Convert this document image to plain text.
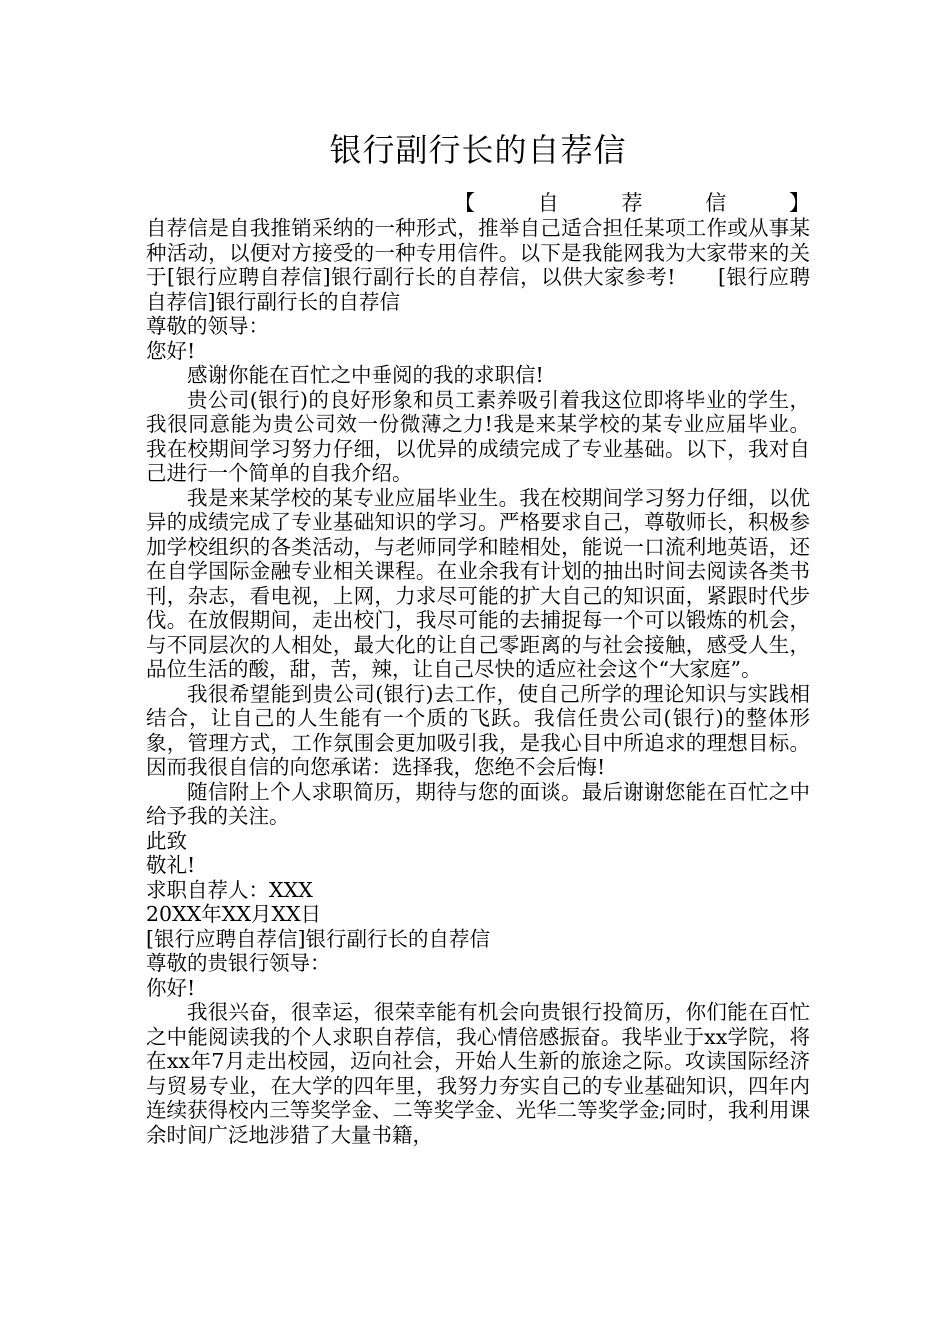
银行副行长的自荐信
【	自	荐	信	】

自荐信是自我推销采纳的一种形式，推举自己适合担任某项工作或从事某种活动，以便对方接受的一种专用信件。以下是我能网我为大家带来的关于[银行应聘自荐信]银行副行长的自荐信，以供大家参考!　　[银行应聘自荐信]银行副行长的自荐信

尊敬的领导：

您好!

感谢你能在百忙之中垂阅的我的求职信!

贵公司(银行)的良好形象和员工素养吸引着我这位即将毕业的学生，我很同意能为贵公司效一份微薄之力!我是来某学校的某专业应届毕业。我在校期间学习努力仔细，以优异的成绩完成了专业基础。以下，我对自己进行一个简单的自我介绍。

我是来某学校的某专业应届毕业生。我在校期间学习努力仔细，以优异的成绩完成了专业基础知识的学习。严格要求自己，尊敬师长，积极参加学校组织的各类活动，与老师同学和睦相处，能说一口流利地英语，还在自学国际金融专业相关课程。在业余我有计划的抽出时间去阅读各类书刊，杂志，看电视，上网，力求尽可能的扩大自己的知识面，紧跟时代步伐。在放假期间，走出校门，我尽可能的去捕捉每一个可以锻炼的机会，与不同层次的人相处，最大化的让自己零距离的与社会接触，感受人生，品位生活的酸，甜，苦，辣，让自己尽快的适应社会这个“大家庭”。

我很希望能到贵公司(银行)去工作，使自己所学的理论知识与实践相结合，让自己的人生能有一个质的飞跃。我信任贵公司(银行)的整体形象，管理方式，工作氛围会更加吸引我，是我心目中所追求的理想目标。因而我很自信的向您承诺：选择我，您绝不会后悔!

随信附上个人求职简历，期待与您的面谈。最后谢谢您能在百忙之中给予我的关注。

此致

敬礼!

求职自荐人：XXX

20XX年XX月XX日

[银行应聘自荐信]银行副行长的自荐信

尊敬的贵银行领导：

你好!

我很兴奋，很幸运，很荣幸能有机会向贵银行投简历，你们能在百忙之中能阅读我的个人求职自荐信，我心情倍感振奋。我毕业于xx学院，将在xx年7月走出校园，迈向社会，开始人生新的旅途之际。攻读国际经济与贸易专业，在大学的四年里，我努力夯实自己的专业基础知识，四年内连续获得校内三等奖学金、二等奖学金、光华二等奖学金;同时，我利用课余时间广泛地涉猎了大量书籍，
